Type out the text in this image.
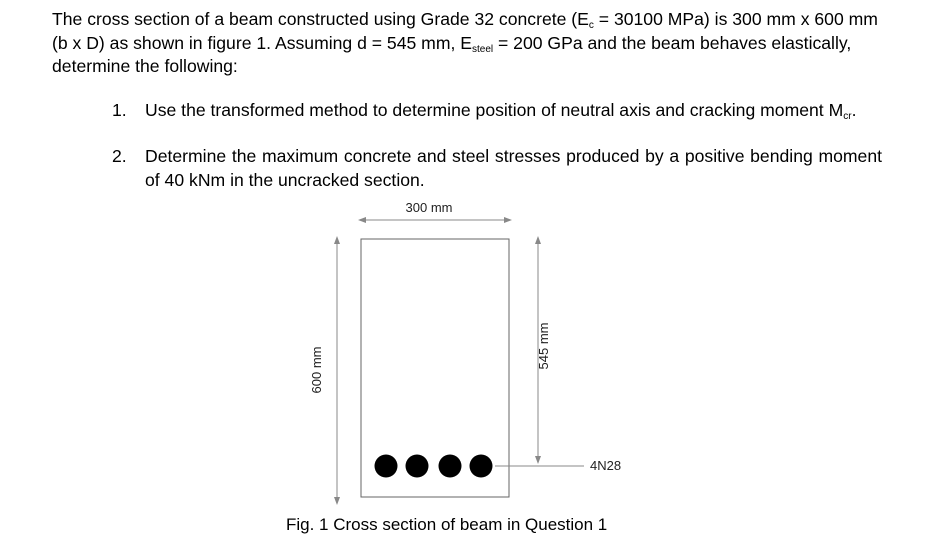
The cross section of a beam constructed using Grade 32 concrete ($E_c = 30100$ MPa) is 300 mm x 600 mm (b x D) as shown in figure 1. Assuming d = 545 mm, $E_{steel} = 200$ GPa and the beam behaves elastically, determine the following:

1. Use the transformed method to determine position of neutral axis and cracking moment $M_{cr}$.
2. Determine the maximum concrete and steel stresses produced by a positive bending moment of 40 kNm in the uncracked section.
300 mm
600 mm
545 mm
4N28
Fig. 1 Cross section of beam in Question 1
